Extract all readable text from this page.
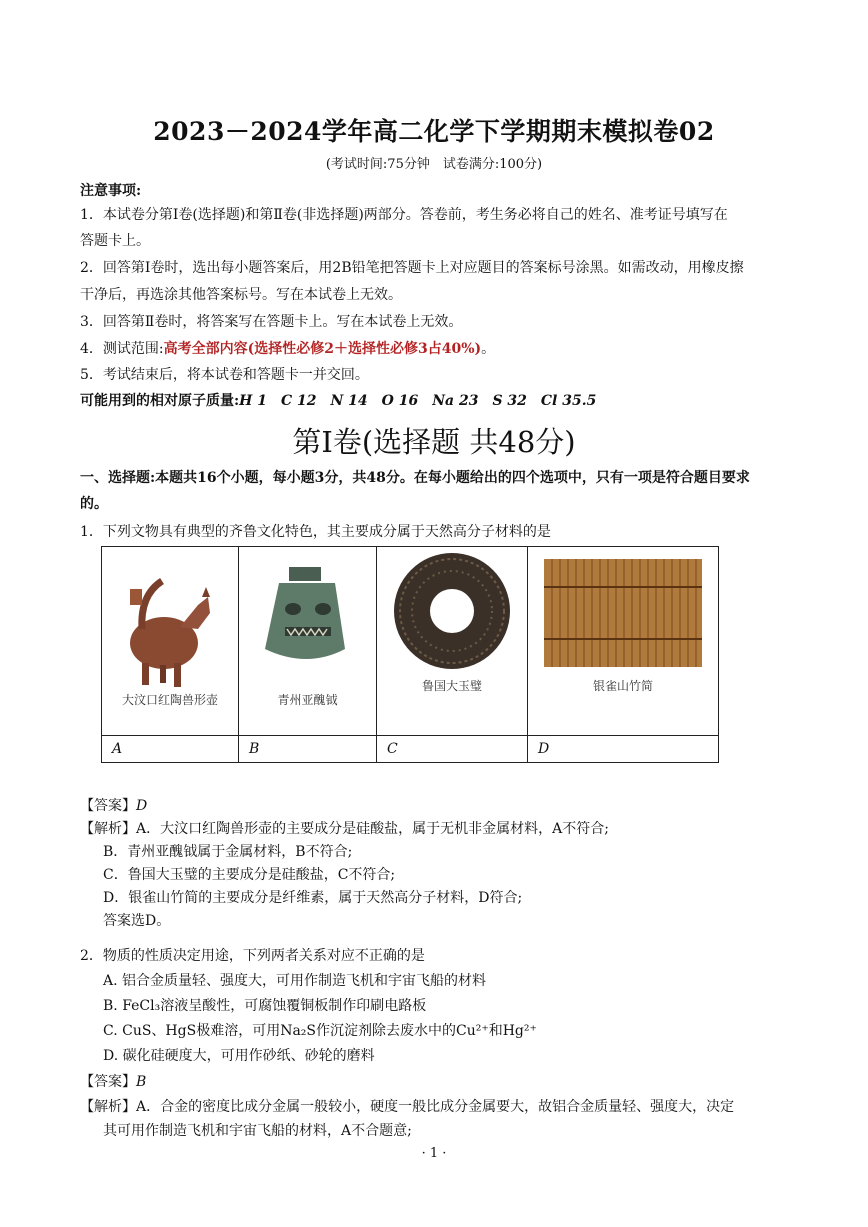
2023－2024学年高二化学下学期期末模拟卷02
(考试时间:75分钟　试卷满分:100分)
注意事项:
1．本试卷分第Ⅰ卷(选择题)和第Ⅱ卷(非选择题)两部分。答卷前，考生务必将自己的姓名、准考证号填写在
答题卡上。
2．回答第Ⅰ卷时，选出每小题答案后，用2B铅笔把答题卡上对应题目的答案标号涂黑。如需改动，用橡皮擦
干净后，再选涂其他答案标号。写在本试卷上无效。
3．回答第Ⅱ卷时，将答案写在答题卡上。写在本试卷上无效。
4．测试范围:高考全部内容(选择性必修2＋选择性必修3占40%)。
5．考试结束后，将本试卷和答题卡一并交回。
可能用到的相对原子质量:H 1　C 12　N 14　O 16　Na 23　S 32　Cl 35.5
第Ⅰ卷(选择题 共48分)
一、选择题:本题共16个小题，每小题3分，共48分。在每小题给出的四个选项中，只有一项是符合题目要求
的。
1．下列文物具有典型的齐鲁文化特色，其主要成分属于天然高分子材料的是
大汶口红陶兽形壶	青州亚醜钺	鲁国大玉璧	银雀山竹简

A	B	C	D
【答案】D
【解析】A．大汶口红陶兽形壶的主要成分是硅酸盐，属于无机非金属材料，A不符合;
B．青州亚醜钺属于金属材料，B不符合;
C．鲁国大玉璧的主要成分是硅酸盐，C不符合;
D．银雀山竹简的主要成分是纤维素，属于天然高分子材料，D符合;
答案选D。
2．物质的性质决定用途，下列两者关系对应不正确的是
A. 铝合金质量轻、强度大，可用作制造飞机和宇宙飞船的材料
B. FeCl₃溶液呈酸性，可腐蚀覆铜板制作印刷电路板
C. CuS、HgS极难溶，可用Na₂S作沉淀剂除去废水中的Cu²⁺和Hg²⁺
D. 碳化硅硬度大，可用作砂纸、砂轮的磨料
【答案】B
【解析】A．合金的密度比成分金属一般较小，硬度一般比成分金属要大，故铝合金质量轻、强度大，决定
其可用作制造飞机和宇宙飞船的材料，A不合题意;
· 1 ·
